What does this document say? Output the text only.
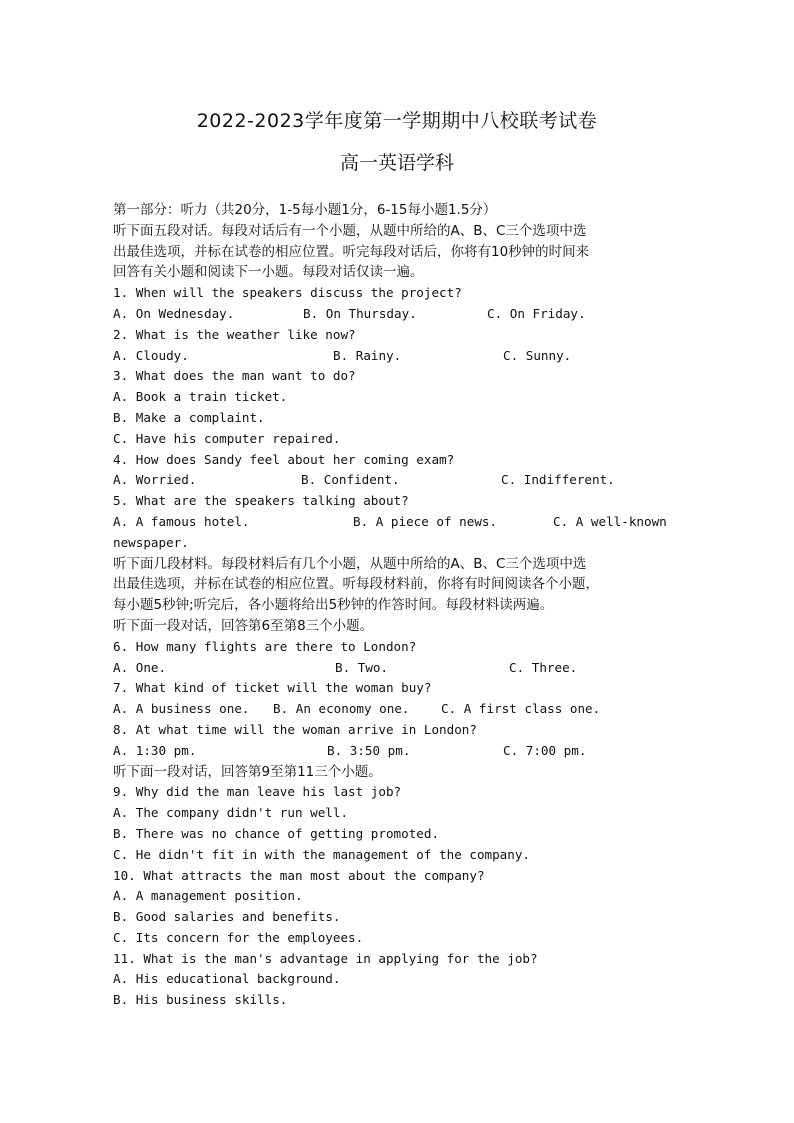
2022-2023学年度第一学期期中八校联考试卷
高一英语学科
第一部分：听力（共20分，1-5每小题1分，6-15每小题1.5分）
听下面五段对话。每段对话后有一个小题，从题中所给的A、B、C三个选项中选
出最佳选项，并标在试卷的相应位置。听完每段对话后，你将有10秒钟的时间来
回答有关小题和阅读下一小题。每段对话仅读一遍。
1. When will the speakers discuss the project?
A. On Wednesday.	B. On Thursday.	C. On Friday.
2. What is the weather like now?
A. Cloudy.	B. Rainy.	C. Sunny.
3. What does the man want to do?
A. Book a train ticket.
B. Make a complaint.
C. Have his computer repaired.
4. How does Sandy feel about her coming exam?
A. Worried.	B. Confident.	C. Indifferent.
5. What are the speakers talking about?
A. A famous hotel.	B. A piece of news.	C. A well-known
newspaper.
听下面几段材料。每段材料后有几个小题，从题中所给的A、B、C三个选项中选
出最佳选项，并标在试卷的相应位置。听每段材料前，你将有时间阅读各个小题，
每小题5秒钟;听完后，各小题将给出5秒钟的作答时间。每段材料读两遍。
听下面一段对话，回答第6至第8三个小题。
6. How many flights are there to London?
A. One.	B. Two.	C. Three.
7. What kind of ticket will the woman buy?
A. A business one.	B. An economy one.	C. A first class one.
8. At what time will the woman arrive in London?
A. 1:30 pm.	B. 3:50 pm.	C. 7:00 pm.
听下面一段对话，回答第9至第11三个小题。
9. Why did the man leave his last job?
A. The company didn't run well.
B. There was no chance of getting promoted.
C. He didn't fit in with the management of the company.
10. What attracts the man most about the company?
A. A management position.
B. Good salaries and benefits.
C. Its concern for the employees.
11. What is the man's advantage in applying for the job?
A. His educational background.
B. His business skills.
